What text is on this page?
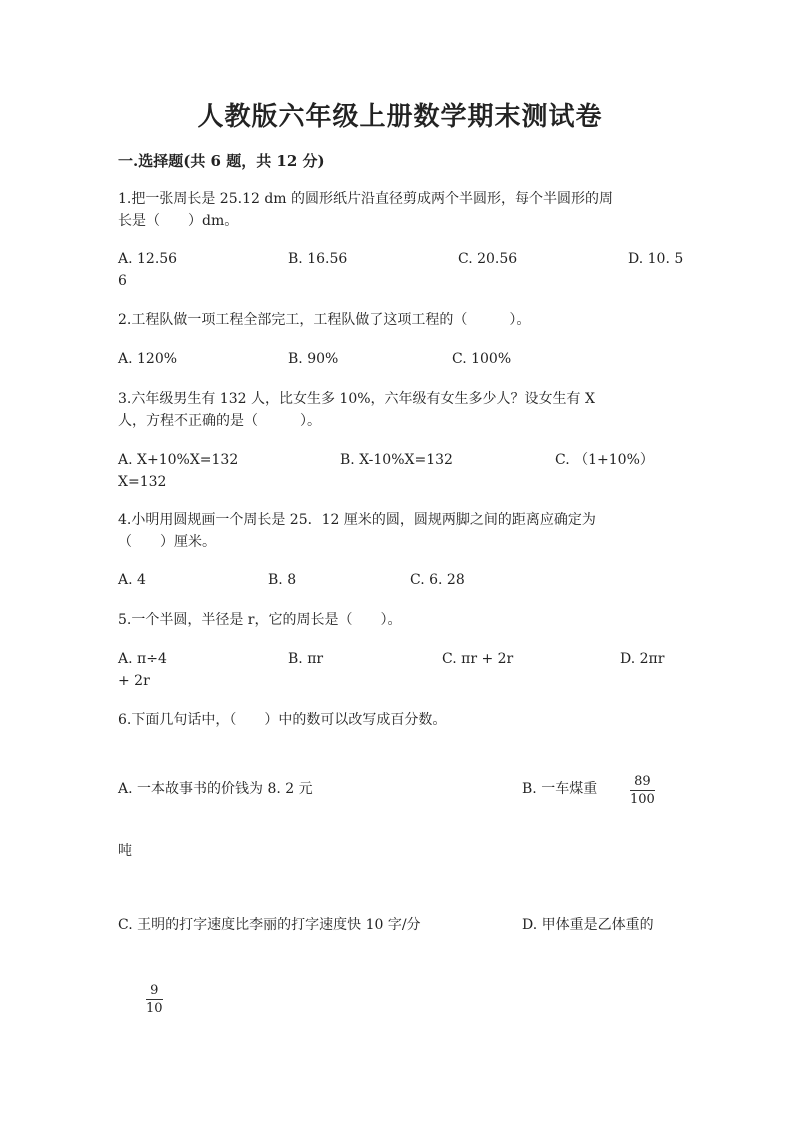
人教版六年级上册数学期末测试卷
一.选择题(共 6 题，共 12 分)
1.把一张周长是 25.12 dm 的圆形纸片沿直径剪成两个半圆形，每个半圆形的周
长是（　　）dm。
A. 12.56	B. 16.56	C. 20.56	D. 10. 5
6
2.工程队做一项工程全部完工，工程队做了这项工程的（　　　）。
A. 120%	B. 90%	C. 100%
3.六年级男生有 132 人，比女生多 10%，六年级有女生多少人？设女生有 X
人，方程不正确的是（　　　）。
A. X+10%X=132	B. X-10%X=132	C. （1+10%）
X=132
4.小明用圆规画一个周长是 25．12 厘米的圆，圆规两脚之间的距离应确定为
（　　）厘米。
A. 4	B. 8	C. 6. 28
5.一个半圆，半径是 r，它的周长是（　　）。
A. π÷4	B. πr	C. πr + 2r	D. 2πr
+ 2r
6.下面几句话中，（　　）中的数可以改写成百分数。
A. 一本故事书的价钱为 8. 2 元	B. 一车煤重	89
100
吨
C. 王明的打字速度比李丽的打字速度快 10 字/分	D. 甲体重是乙体重的
9
10
